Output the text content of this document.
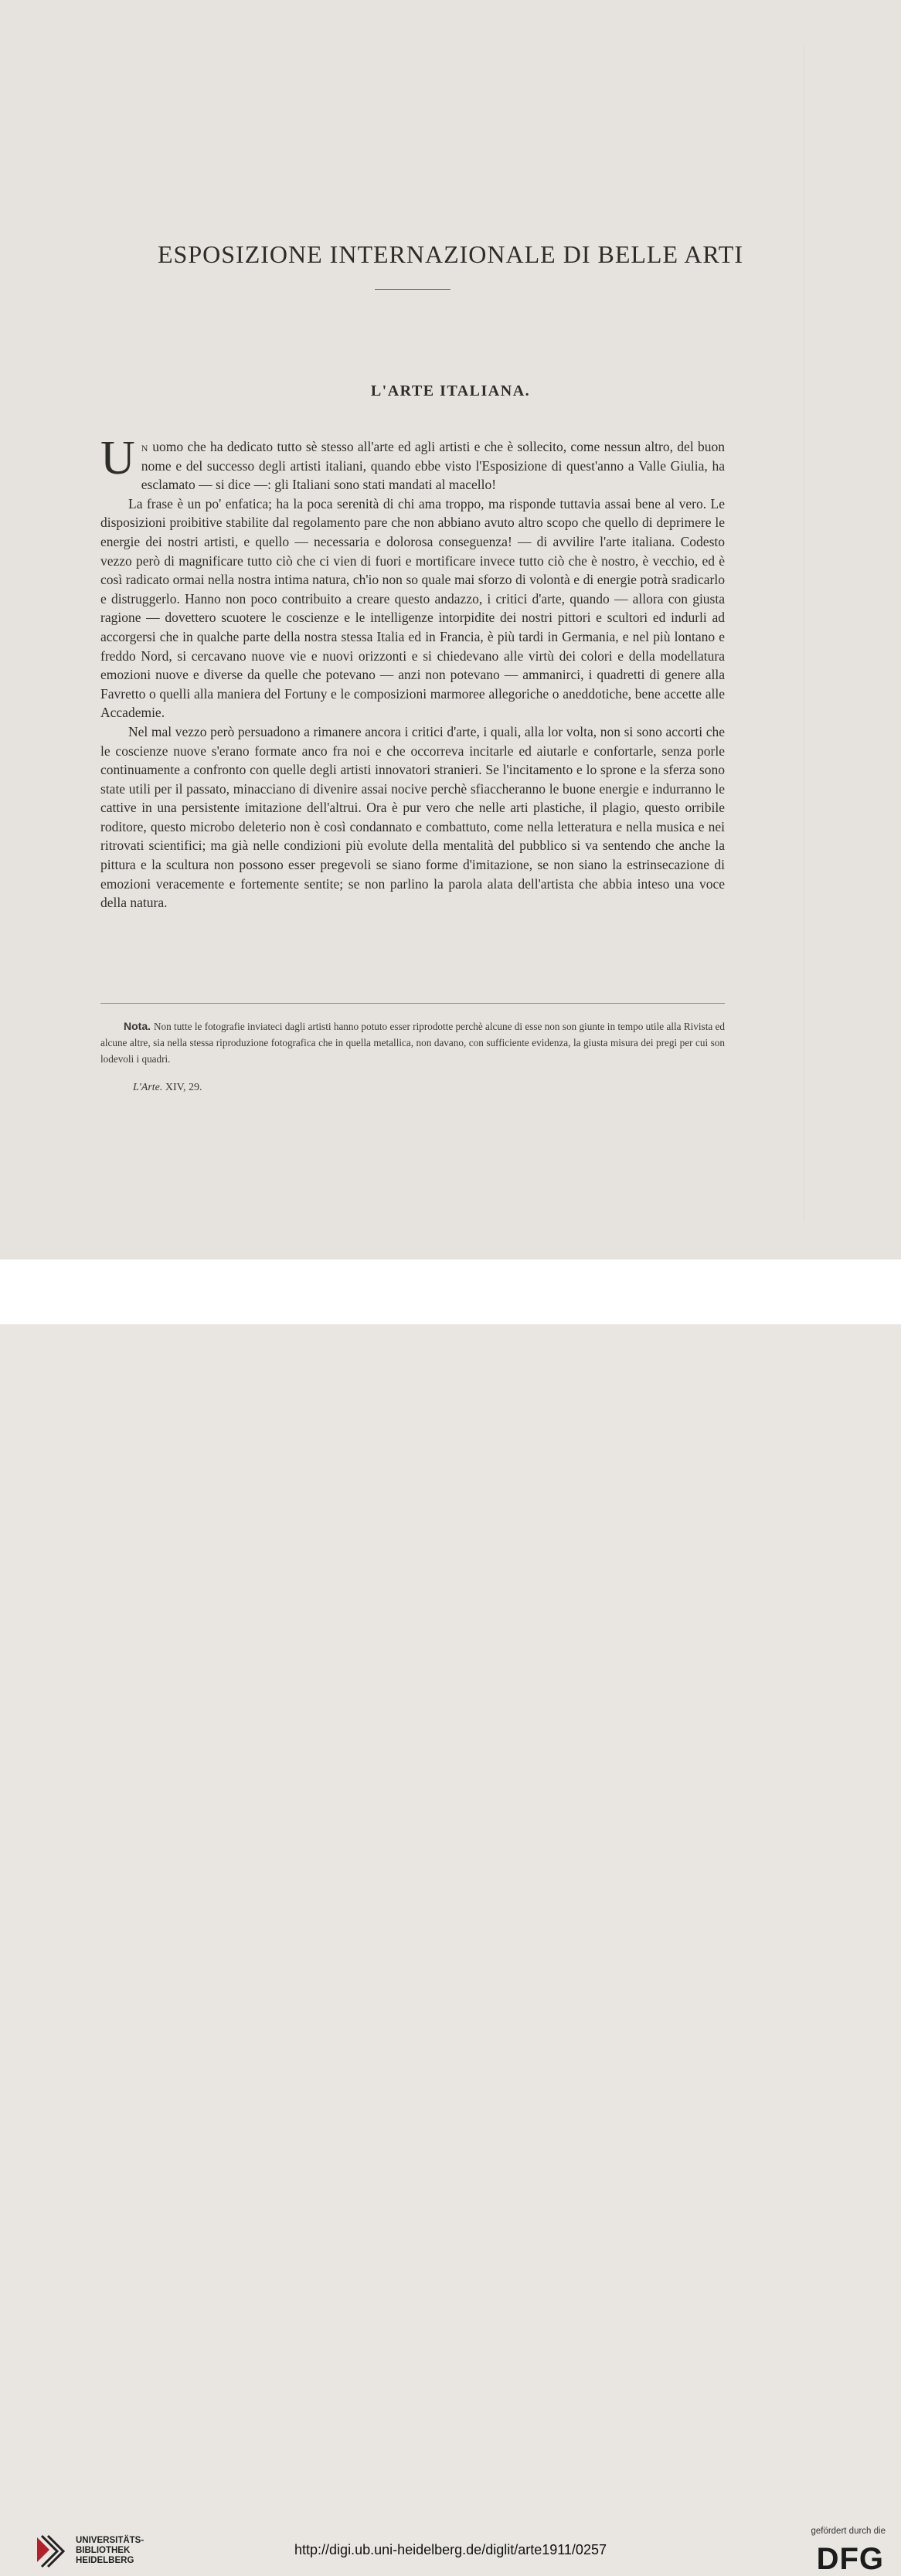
ESPOSIZIONE INTERNAZIONALE DI BELLE ARTI
L'ARTE ITALIANA.

Un uomo che ha dedicato tutto sè stesso all'arte ed agli artisti e che è sollecito, come nessun altro, del buon nome e del successo degli artisti italiani, quando ebbe visto l'Esposizione di quest'anno a Valle Giulia, ha esclamato — si dice —: gli Italiani sono stati mandati al macello!

La frase è un po' enfatica; ha la poca serenità di chi ama troppo, ma risponde tuttavia assai bene al vero. Le disposizioni proibitive stabilite dal regolamento pare che non abbiano avuto altro scopo che quello di deprimere le energie dei nostri artisti, e quello — necessaria e dolorosa conseguenza! — di avvilire l'arte italiana. Codesto vezzo però di magnificare tutto ciò che ci vien di fuori e mortificare invece tutto ciò che è nostro, è vecchio, ed è così radicato ormai nella nostra intima natura, ch'io non so quale mai sforzo di volontà e di energie potrà sradicarlo e distruggerlo. Hanno non poco contribuito a creare questo andazzo, i critici d'arte, quando — allora con giusta ragione — dovettero scuotere le coscienze e le intelligenze intorpidite dei nostri pittori e scultori ed indurli ad accorgersi che in qualche parte della nostra stessa Italia ed in Francia, è più tardi in Germania, e nel più lontano e freddo Nord, si cercavano nuove vie e nuovi orizzonti e si chiedevano alle virtù dei colori e della modellatura emozioni nuove e diverse da quelle che potevano — anzi non potevano — ammanirci, i quadretti di genere alla Favretto o quelli alla maniera del Fortuny e le composizioni marmoree allegoriche o aneddotiche, bene accette alle Accademie.

Nel mal vezzo però persuadono a rimanere ancora i critici d'arte, i quali, alla lor volta, non si sono accorti che le coscienze nuove s'erano formate anco fra noi e che occorreva incitarle ed aiutarle e confortarle, senza porle continuamente a confronto con quelle degli artisti innovatori stranieri. Se l'incitamento e lo sprone e la sferza sono state utili per il passato, minacciano di divenire assai nocive perchè sfiaccheranno le buone energie e indurranno le cattive in una persistente imitazione dell'altrui. Ora è pur vero che nelle arti plastiche, il plagio, questo orribile roditore, questo microbo deleterio non è così condannato e combattuto, come nella letteratura e nella musica e nei ritrovati scientifici; ma già nelle condizioni più evolute della mentalità del pubblico si va sentendo che anche la pittura e la scultura non possono esser pregevoli se siano forme d'imitazione, se non siano la estrinsecazione di emozioni veracemente e fortemente sentite; se non parlino la parola alata dell'artista che abbia inteso una voce della natura.

Nota. Non tutte le fotografie inviateci dagli artisti hanno potuto esser riprodotte perchè alcune di esse non son giunte in tempo utile alla Rivista ed alcune altre, sia nella stessa riproduzione fotografica che in quella metallica, non davano, con sufficiente evidenza, la giusta misura dei pregi per cui son lodevoli i quadri.
L'Arte. XIV, 29.
UNIVERSITÄTS-
BIBLIOTHEK
HEIDELBERG
http://digi.ub.uni-heidelberg.de/diglit/arte1911/0257
gefördert durch die
DFG
